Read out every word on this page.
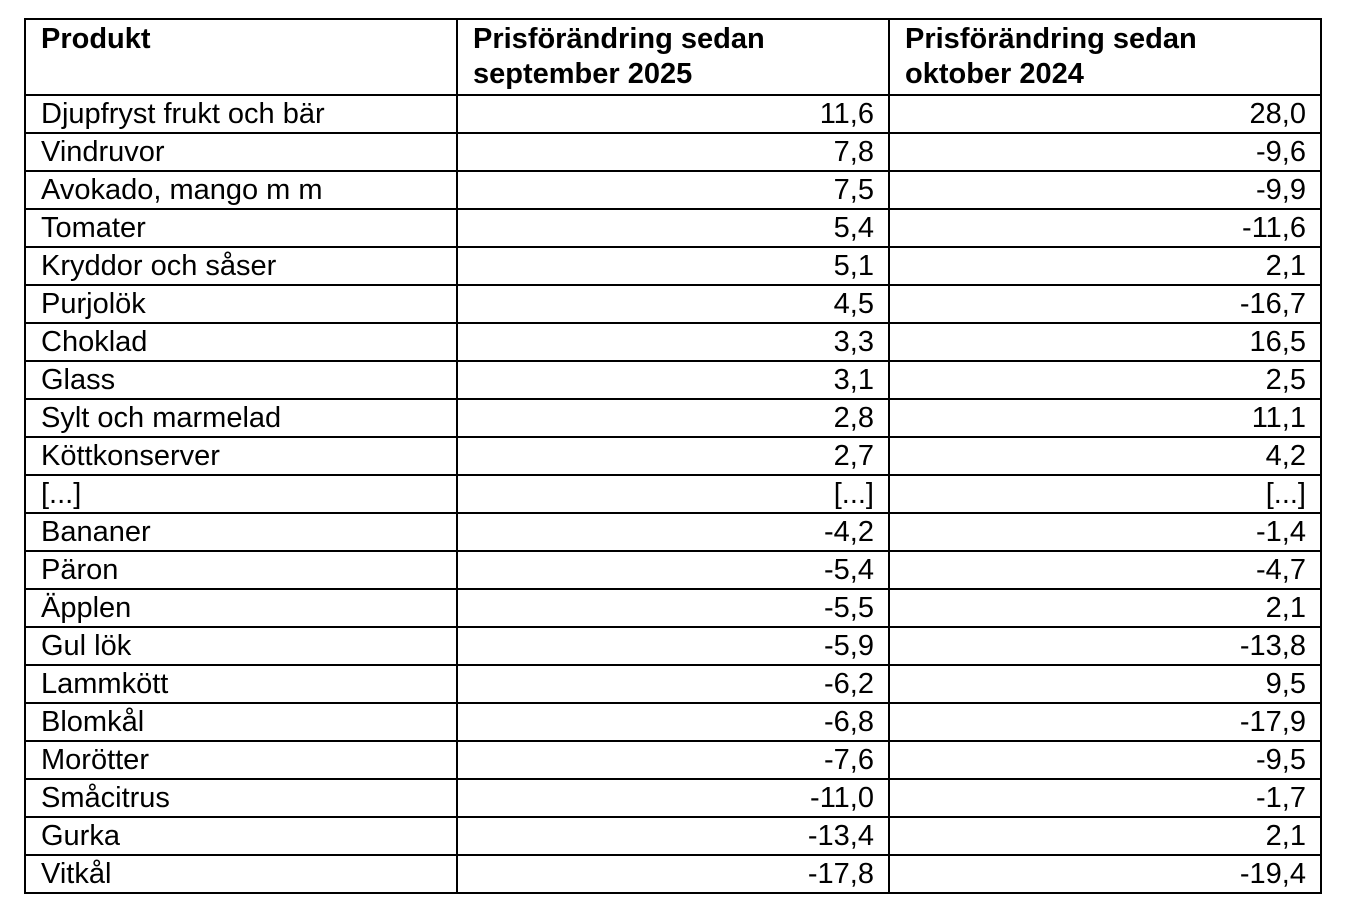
Produkt	Prisförändring sedan september 2025	Prisförändring sedan oktober 2024
Djupfryst frukt och bär	11,6	28,0
Vindruvor	7,8	-9,6
Avokado, mango m m	7,5	-9,9
Tomater	5,4	-11,6
Kryddor och såser	5,1	2,1
Purjolök	4,5	-16,7
Choklad	3,3	16,5
Glass	3,1	2,5
Sylt och marmelad	2,8	11,1
Köttkonserver	2,7	4,2
[...]	[...]	[...]
Bananer	-4,2	-1,4
Päron	-5,4	-4,7
Äpplen	-5,5	2,1
Gul lök	-5,9	-13,8
Lammkött	-6,2	9,5
Blomkål	-6,8	-17,9
Morötter	-7,6	-9,5
Småcitrus	-11,0	-1,7
Gurka	-13,4	2,1
Vitkål	-17,8	-19,4
